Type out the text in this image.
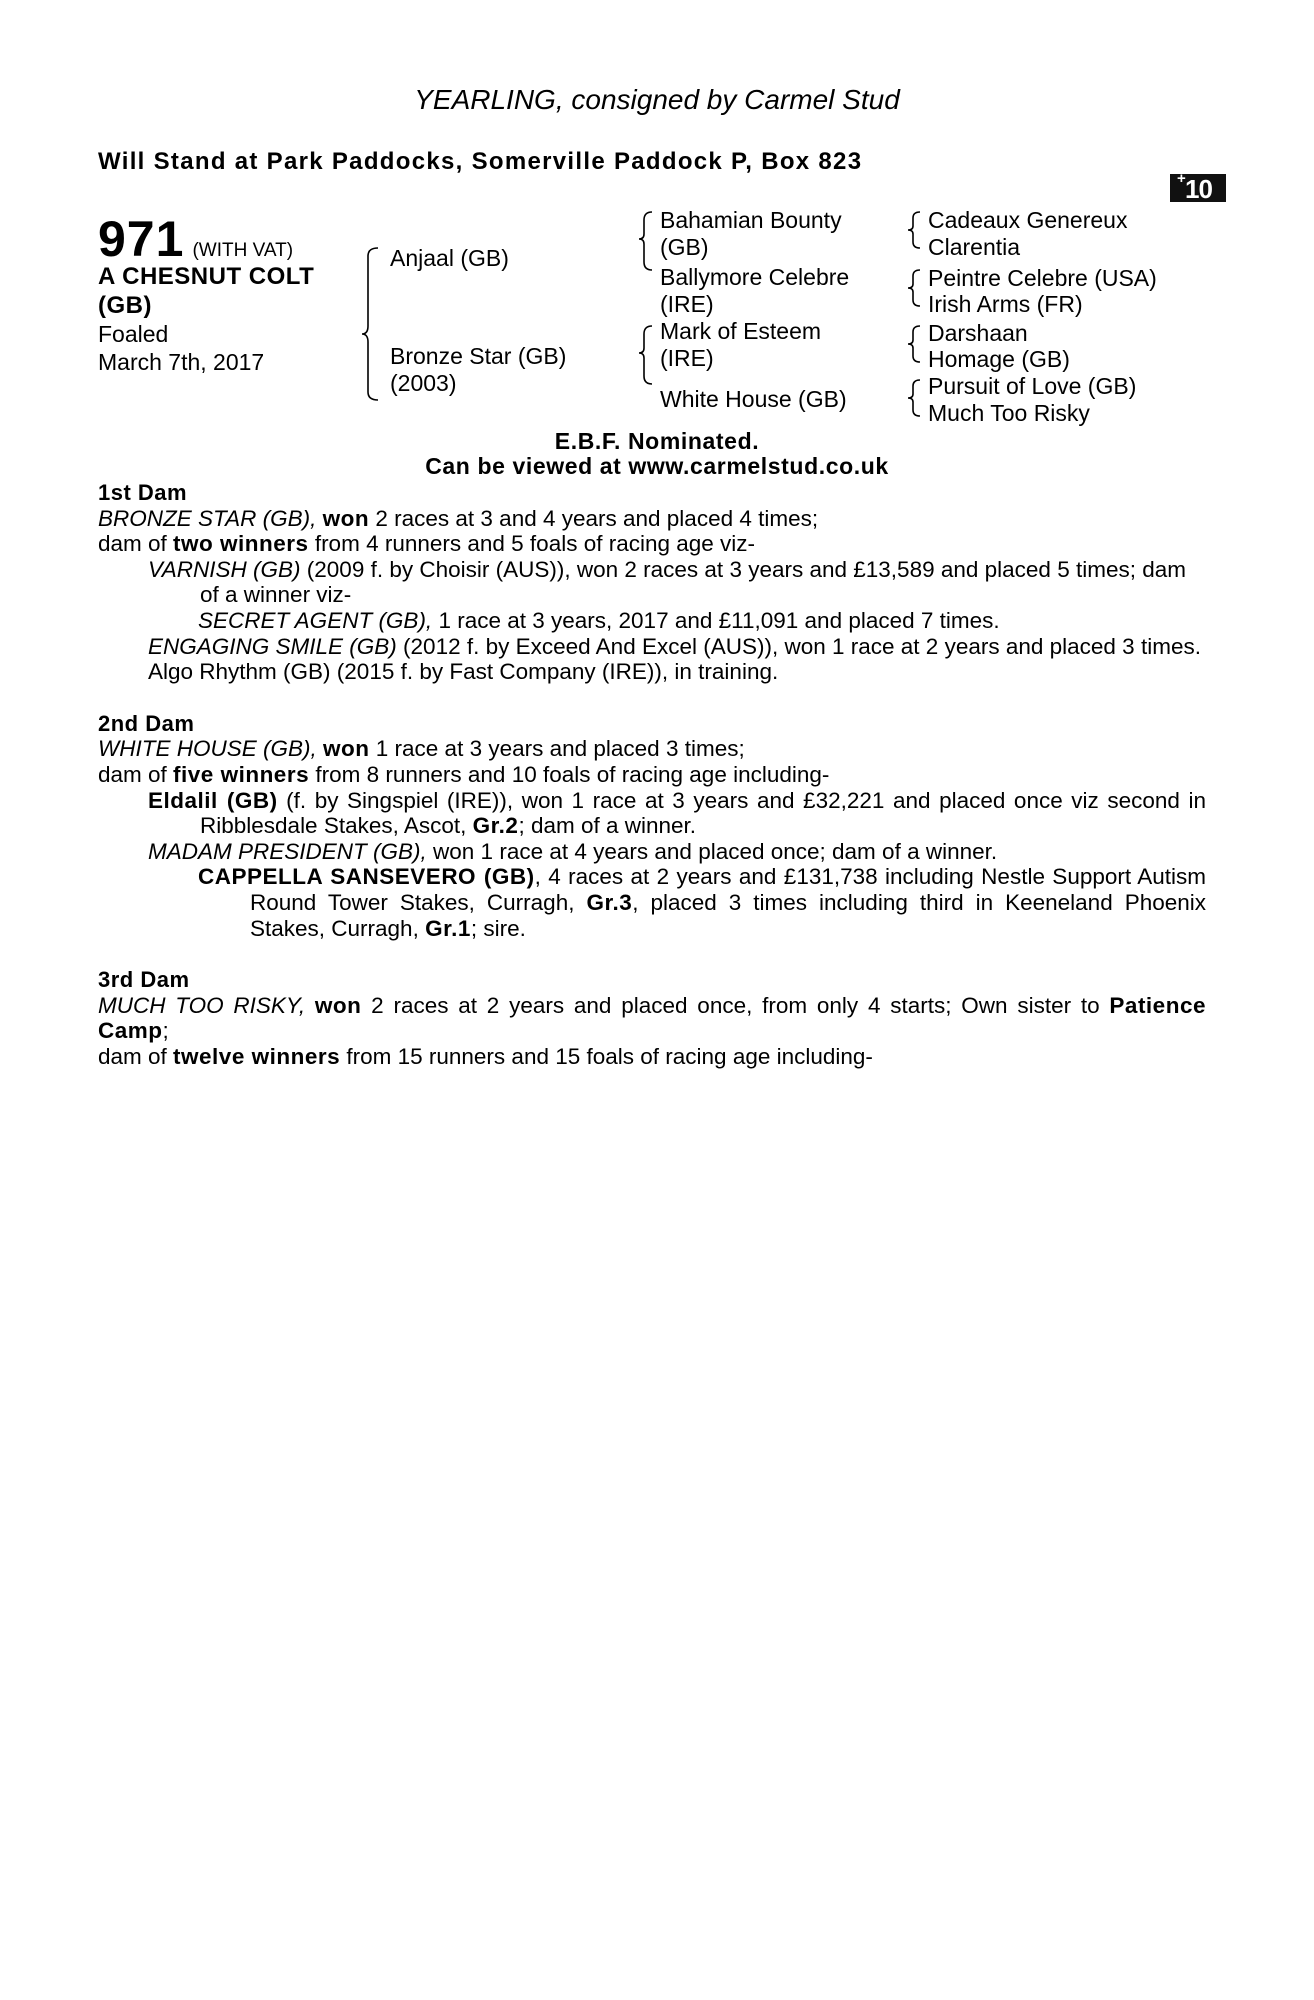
YEARLING, consigned by Carmel Stud
Will Stand at Park Paddocks, Somerville Paddock P, Box 823
+ 10
971 (WITH VAT)
A CHESNUT COLT
(GB)
Foaled
March 7th, 2017
Anjaal (GB)
Bronze Star (GB)
(2003)
Bahamian Bounty
(GB)
Ballymore Celebre
(IRE)
Mark of Esteem
(IRE)
White House (GB)
Cadeaux Genereux
Clarentia
Peintre Celebre (USA)
Irish Arms (FR)
Darshaan
Homage (GB)
Pursuit of Love (GB)
Much Too Risky
E.B.F. Nominated.
Can be viewed at www.carmelstud.co.uk

1st Dam

BRONZE STAR (GB), won 2 races at 3 and 4 years and placed 4 times;

dam of two winners from 4 runners and 5 foals of racing age viz-

VARNISH (GB) (2009 f. by Choisir (AUS)), won 2 races at 3 years and £13,589 and placed 5 times; dam of a winner viz-

SECRET AGENT (GB), 1 race at 3 years, 2017 and £11,091 and placed 7 times.

ENGAGING SMILE (GB) (2012 f. by Exceed And Excel (AUS)), won 1 race at 2 years and placed 3 times.

Algo Rhythm (GB) (2015 f. by Fast Company (IRE)), in training.

2nd Dam

WHITE HOUSE (GB), won 1 race at 3 years and placed 3 times;

dam of five winners from 8 runners and 10 foals of racing age including-

Eldalil (GB) (f. by Singspiel (IRE)), won 1 race at 3 years and £32,221 and placed once viz second in Ribblesdale Stakes, Ascot, Gr.2; dam of a winner.

MADAM PRESIDENT (GB), won 1 race at 4 years and placed once; dam of a winner.

CAPPELLA SANSEVERO (GB), 4 races at 2 years and £131,738 including Nestle Support Autism Round Tower Stakes, Curragh, Gr.3, placed 3 times including third in Keeneland Phoenix Stakes, Curragh, Gr.1; sire.

3rd Dam

MUCH TOO RISKY, won 2 races at 2 years and placed once, from only 4 starts; Own sister to Patience Camp;

dam of twelve winners from 15 runners and 15 foals of racing age including-
